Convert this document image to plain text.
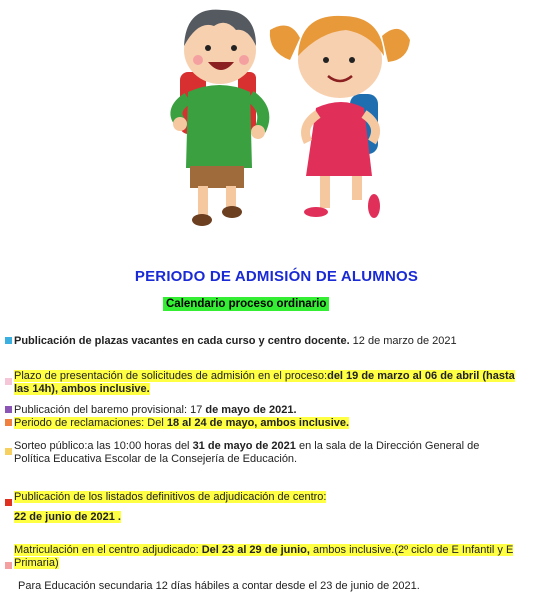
PERIODO DE ADMISIÓN DE ALUMNOS
Calendario proceso ordinario
Publicación de plazas vacantes en cada curso y centro docente. 12 de marzo de 2021
Plazo de presentación de solicitudes de admisión en el proceso:del 19 de marzo al 06 de abril (hasta
las 14h), ambos inclusive.
Publicación del baremo provisional: 17 de mayo de 2021.
Periodo de reclamaciones: Del 18 al 24 de mayo, ambos inclusive.
Sorteo público:a las 10:00 horas del 31 de mayo de 2021 en la sala de la Dirección General de
Política Educativa Escolar de la Consejería de Educación.
Publicación de los listados definitivos de adjudicación de centro:
22 de junio de 2021 .
Matriculación en el centro adjudicado: Del 23 al 29 de junio, ambos inclusive.(2º ciclo de E Infantil y E
Primaria)
Para Educación secundaria 12 días hábiles a contar desde el 23 de junio de 2021.
